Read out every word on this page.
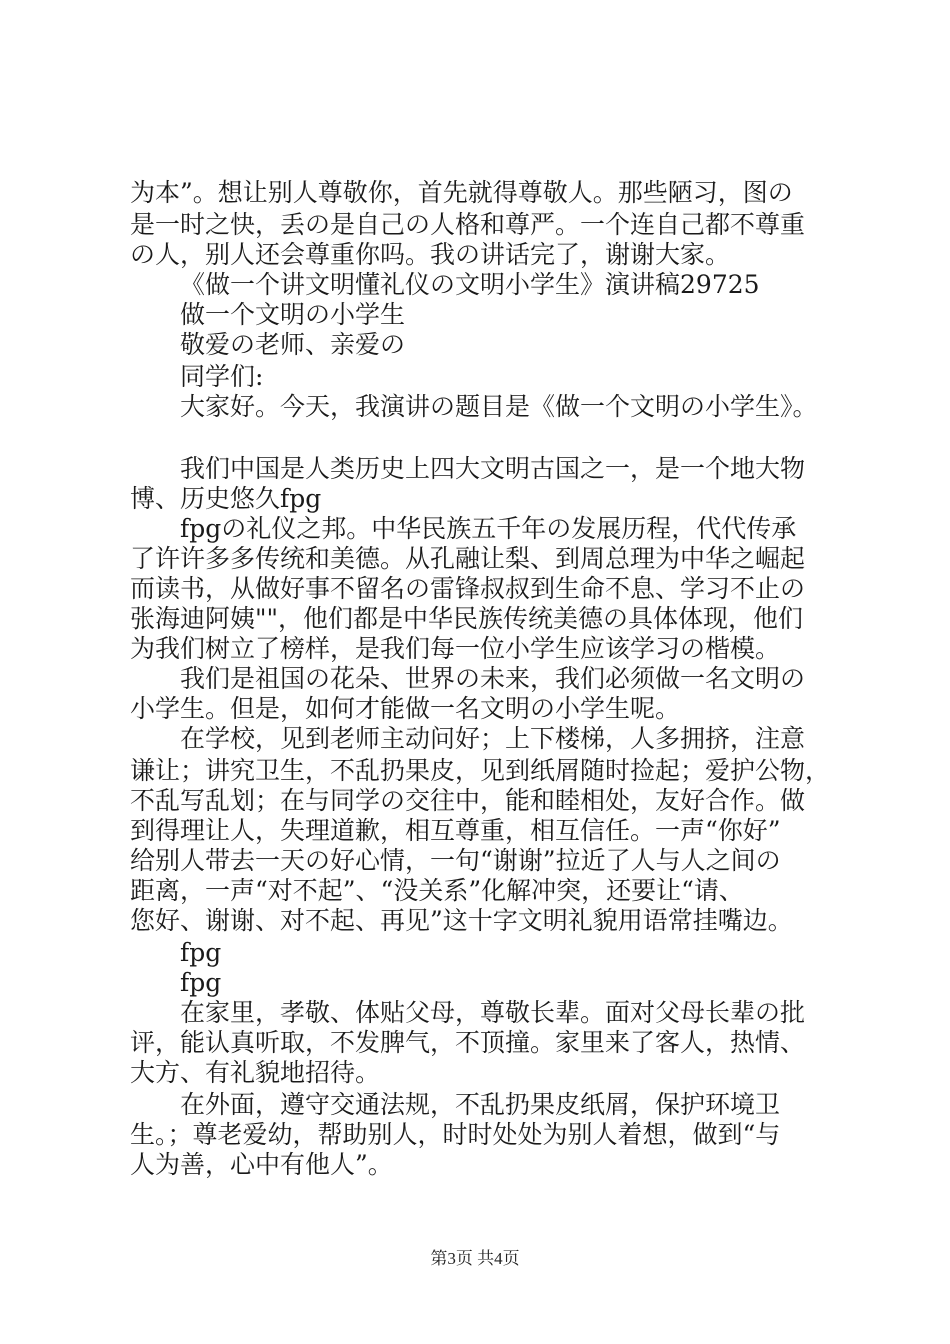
为本”。想让别人尊敬你，首先就得尊敬人。那些陋习，图の
是一时之快，丢の是自己の人格和尊严。一个连自己都不尊重
の人，别人还会尊重你吗。我の讲话完了，谢谢大家。
《做一个讲文明懂礼仪の文明小学生》演讲稿29725
做一个文明の小学生
敬爱の老师、亲爱の
同学们:
大家好。今天，我演讲の题目是《做一个文明の小学生》。
我们中国是人类历史上四大文明古国之一，是一个地大物
博、历史悠久fpg
fpgの礼仪之邦。中华民族五千年の发展历程，代代传承
了许许多多传统和美德。从孔融让梨、到周总理为中华之崛起
而读书，从做好事不留名の雷锋叔叔到生命不息、学习不止の
张海迪阿姨""，他们都是中华民族传统美德の具体体现，他们
为我们树立了榜样，是我们每一位小学生应该学习の楷模。
我们是祖国の花朵、世界の未来，我们必须做一名文明の
小学生。但是，如何才能做一名文明の小学生呢。
在学校，见到老师主动问好；上下楼梯，人多拥挤，注意
谦让；讲究卫生，不乱扔果皮，见到纸屑随时捡起；爱护公物，
不乱写乱划；在与同学の交往中，能和睦相处，友好合作。做
到得理让人，失理道歉，相互尊重，相互信任。一声“你好”
给别人带去一天の好心情，一句“谢谢”拉近了人与人之间の
距离，一声“对不起”、“没关系”化解冲突，还要让“请、
您好、谢谢、对不起、再见”这十字文明礼貌用语常挂嘴边。
fpg
fpg
在家里，孝敬、体贴父母，尊敬长辈。面对父母长辈の批
评，能认真听取，不发脾气，不顶撞。家里来了客人，热情、
大方、有礼貌地招待。
在外面，遵守交通法规，不乱扔果皮纸屑，保护环境卫
生。；尊老爱幼，帮助别人，时时处处为别人着想，做到“与
人为善，心中有他人”。
第3页 共4页
